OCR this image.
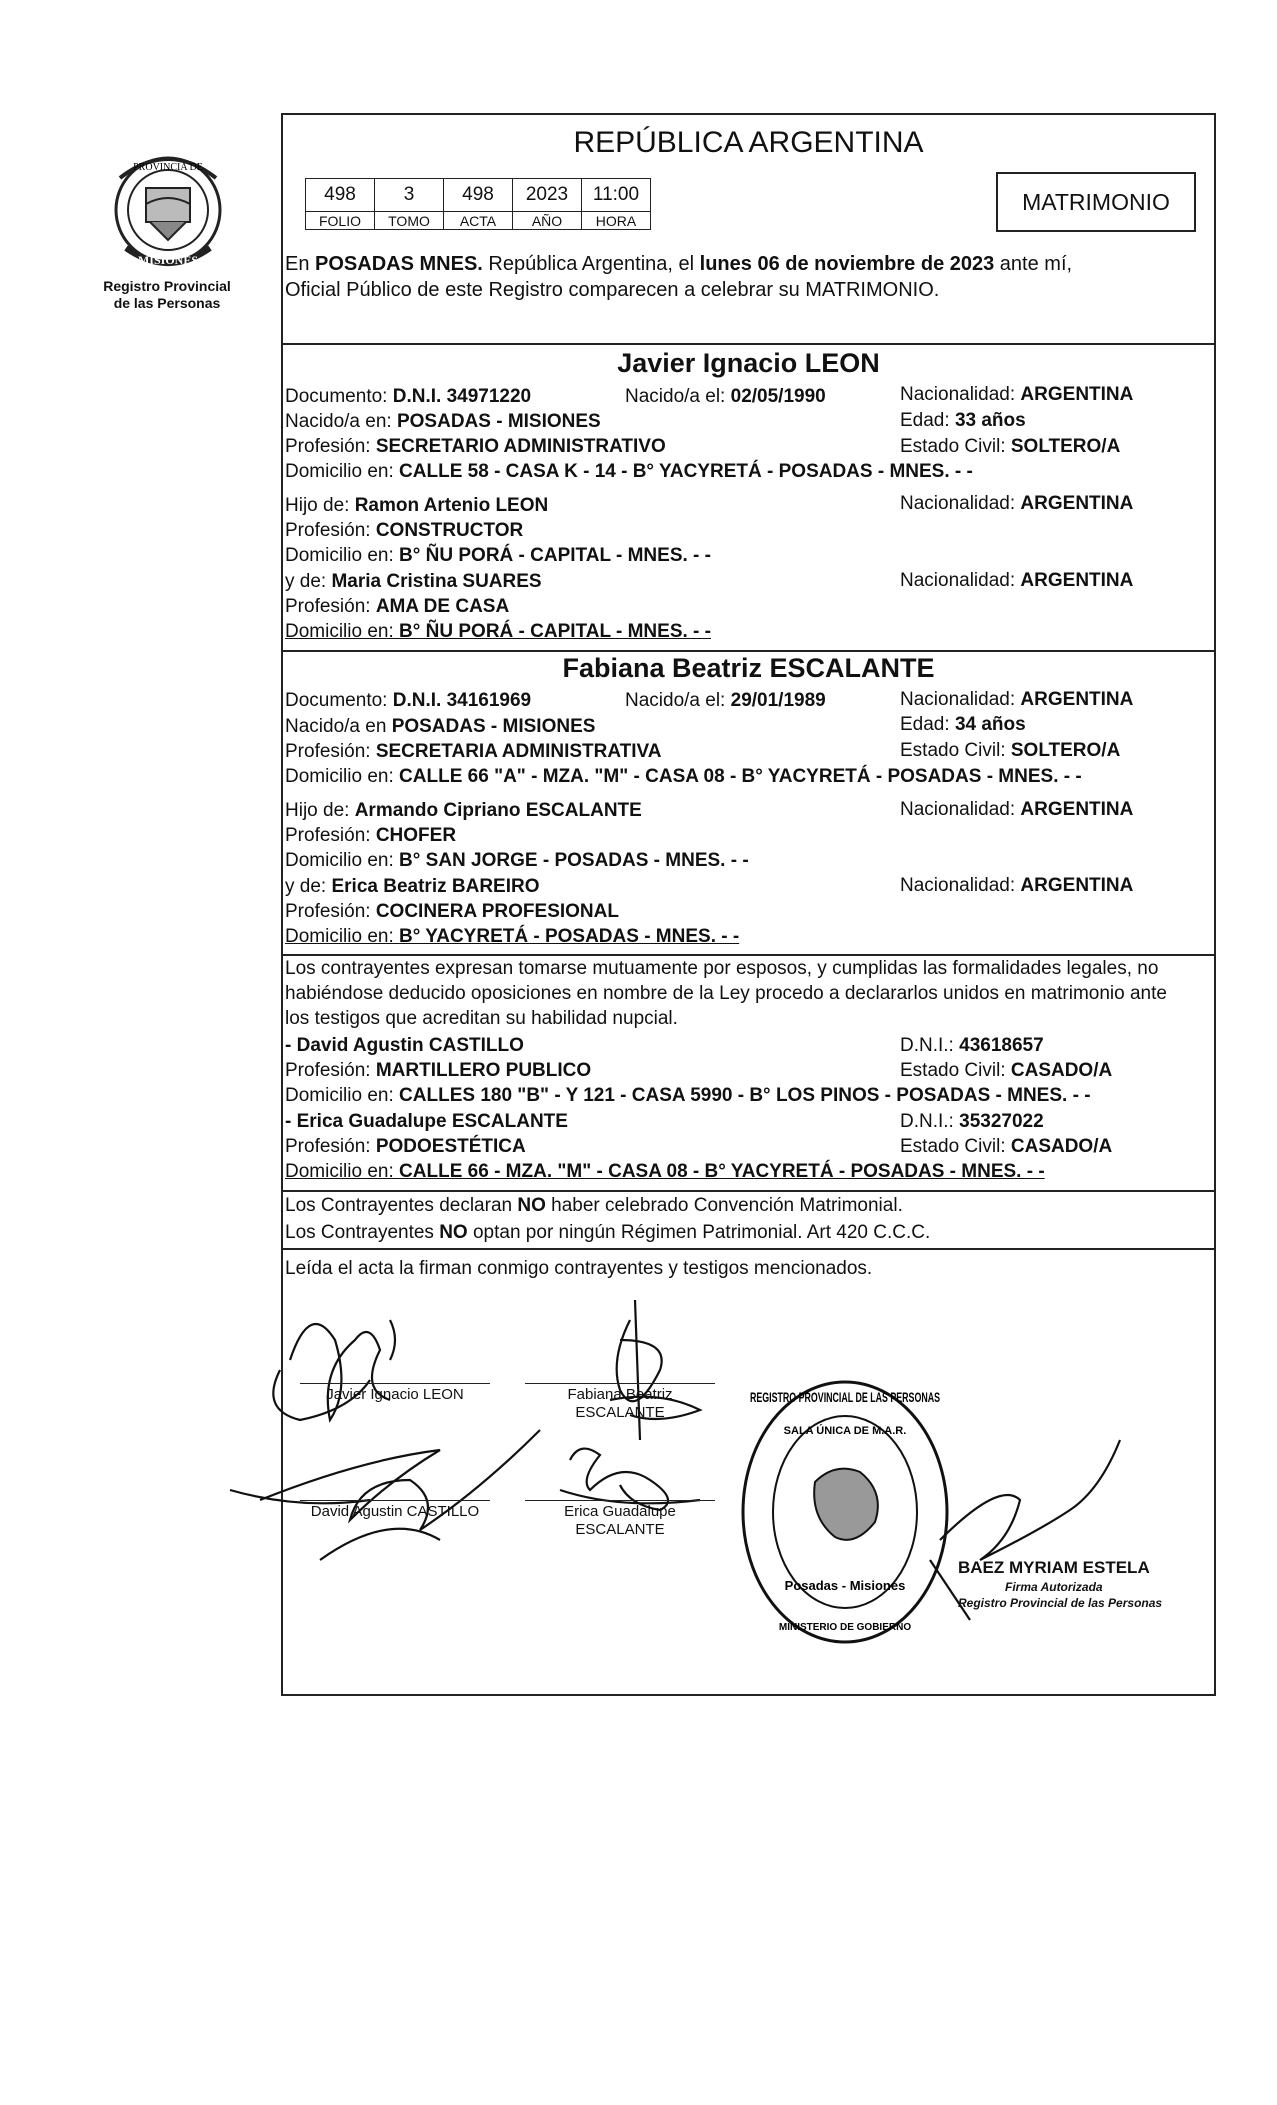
PROVINCIA DE
MISIONES
Registro Provincial
de las Personas
REPÚBLICA ARGENTINA
498	3	498	2023	11:00
FOLIO	TOMO	ACTA	AÑO	HORA
MATRIMONIO
En POSADAS MNES. República Argentina, el lunes 06 de noviembre de 2023 ante mí,
Oficial Público de este Registro comparecen a celebrar su MATRIMONIO.
Javier Ignacio LEON
Documento: D.N.I. 34971220	Nacido/a el: 02/05/1990	Nacionalidad: ARGENTINA
Nacido/a en: POSADAS - MISIONES	Edad: 33 años
Profesión: SECRETARIO ADMINISTRATIVO	Estado Civil: SOLTERO/A
Domicilio en: CALLE 58 - CASA K - 14 - B° YACYRETÁ - POSADAS - MNES. - -
Hijo de: Ramon Artenio LEON	Nacionalidad: ARGENTINA
Profesión: CONSTRUCTOR
Domicilio en: B° ÑU PORÁ - CAPITAL - MNES. - -
y de: Maria Cristina SUARES	Nacionalidad: ARGENTINA
Profesión: AMA DE CASA
Domicilio en: B° ÑU PORÁ - CAPITAL - MNES. - -
Fabiana Beatriz ESCALANTE
Documento: D.N.I. 34161969	Nacido/a el: 29/01/1989	Nacionalidad: ARGENTINA
Nacido/a en POSADAS - MISIONES	Edad: 34 años
Profesión: SECRETARIA ADMINISTRATIVA	Estado Civil: SOLTERO/A
Domicilio en: CALLE 66 "A" - MZA. "M" - CASA 08 - B° YACYRETÁ - POSADAS - MNES. - -
Hijo de: Armando Cipriano ESCALANTE	Nacionalidad: ARGENTINA
Profesión: CHOFER
Domicilio en: B° SAN JORGE - POSADAS - MNES. - -
y de: Erica Beatriz BAREIRO	Nacionalidad: ARGENTINA
Profesión: COCINERA PROFESIONAL
Domicilio en: B° YACYRETÁ - POSADAS - MNES. - -
Los contrayentes expresan tomarse mutuamente por esposos, y cumplidas las formalidades legales, no
habiéndose deducido oposiciones en nombre de la Ley procedo a declararlos unidos en matrimonio ante
los testigos que acreditan su habilidad nupcial.
- David Agustin CASTILLO	D.N.I.: 43618657
Profesión: MARTILLERO PUBLICO	Estado Civil: CASADO/A
Domicilio en: CALLES 180 "B" - Y 121 - CASA 5990 - B° LOS PINOS - POSADAS - MNES. - -
- Erica Guadalupe ESCALANTE	D.N.I.: 35327022
Profesión: PODOESTÉTICA	Estado Civil: CASADO/A
Domicilio en: CALLE 66 - MZA. "M" - CASA 08 - B° YACYRETÁ - POSADAS - MNES. - -
Los Contrayentes declaran NO haber celebrado Convención Matrimonial.
Los Contrayentes NO optan por ningún Régimen Patrimonial. Art 420 C.C.C.
Leída el acta la firman conmigo contrayentes y testigos mencionados.
Javier Ignacio LEON	Fabiana Beatriz
ESCALANTE
David Agustin CASTILLO	Erica Guadalupe
ESCALANTE
REGISTRO PROVINCIAL DE LAS PERSONAS
SALA ÚNICA DE M.A.R.
Posadas - Misiones
MINISTERIO DE GOBIERNO
BAEZ MYRIAM ESTELA
Firma Autorizada
Registro Provincial de las Personas
